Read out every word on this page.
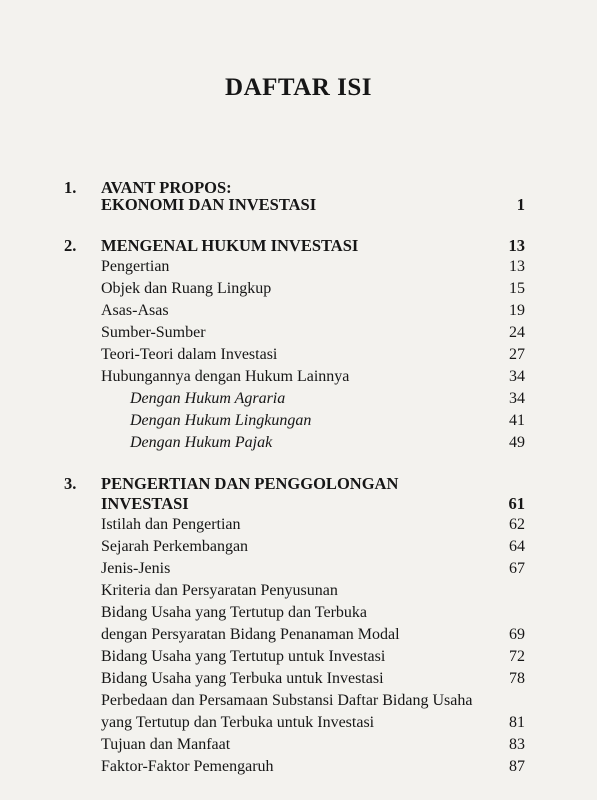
DAFTAR ISI
1. AVANT PROPOS:
EKONOMI DAN INVESTASI	1
2. MENGENAL HUKUM INVESTASI	13
Pengertian	13
Objek dan Ruang Lingkup	15
Asas-Asas	19
Sumber-Sumber	24
Teori-Teori dalam Investasi	27
Hubungannya dengan Hukum Lainnya	34
Dengan Hukum Agraria	34
Dengan Hukum Lingkungan	41
Dengan Hukum Pajak	49
3. PENGERTIAN DAN PENGGOLONGAN
INVESTASI	61
Istilah dan Pengertian	62
Sejarah Perkembangan	64
Jenis-Jenis	67
Kriteria dan Persyaratan Penyusunan
Bidang Usaha yang Tertutup dan Terbuka
dengan Persyaratan Bidang Penanaman Modal	69
Bidang Usaha yang Tertutup untuk Investasi	72
Bidang Usaha yang Terbuka untuk Investasi	78
Perbedaan dan Persamaan Substansi Daftar Bidang Usaha
yang Tertutup dan Terbuka untuk Investasi	81
Tujuan dan Manfaat	83
Faktor-Faktor Pemengaruh	87
